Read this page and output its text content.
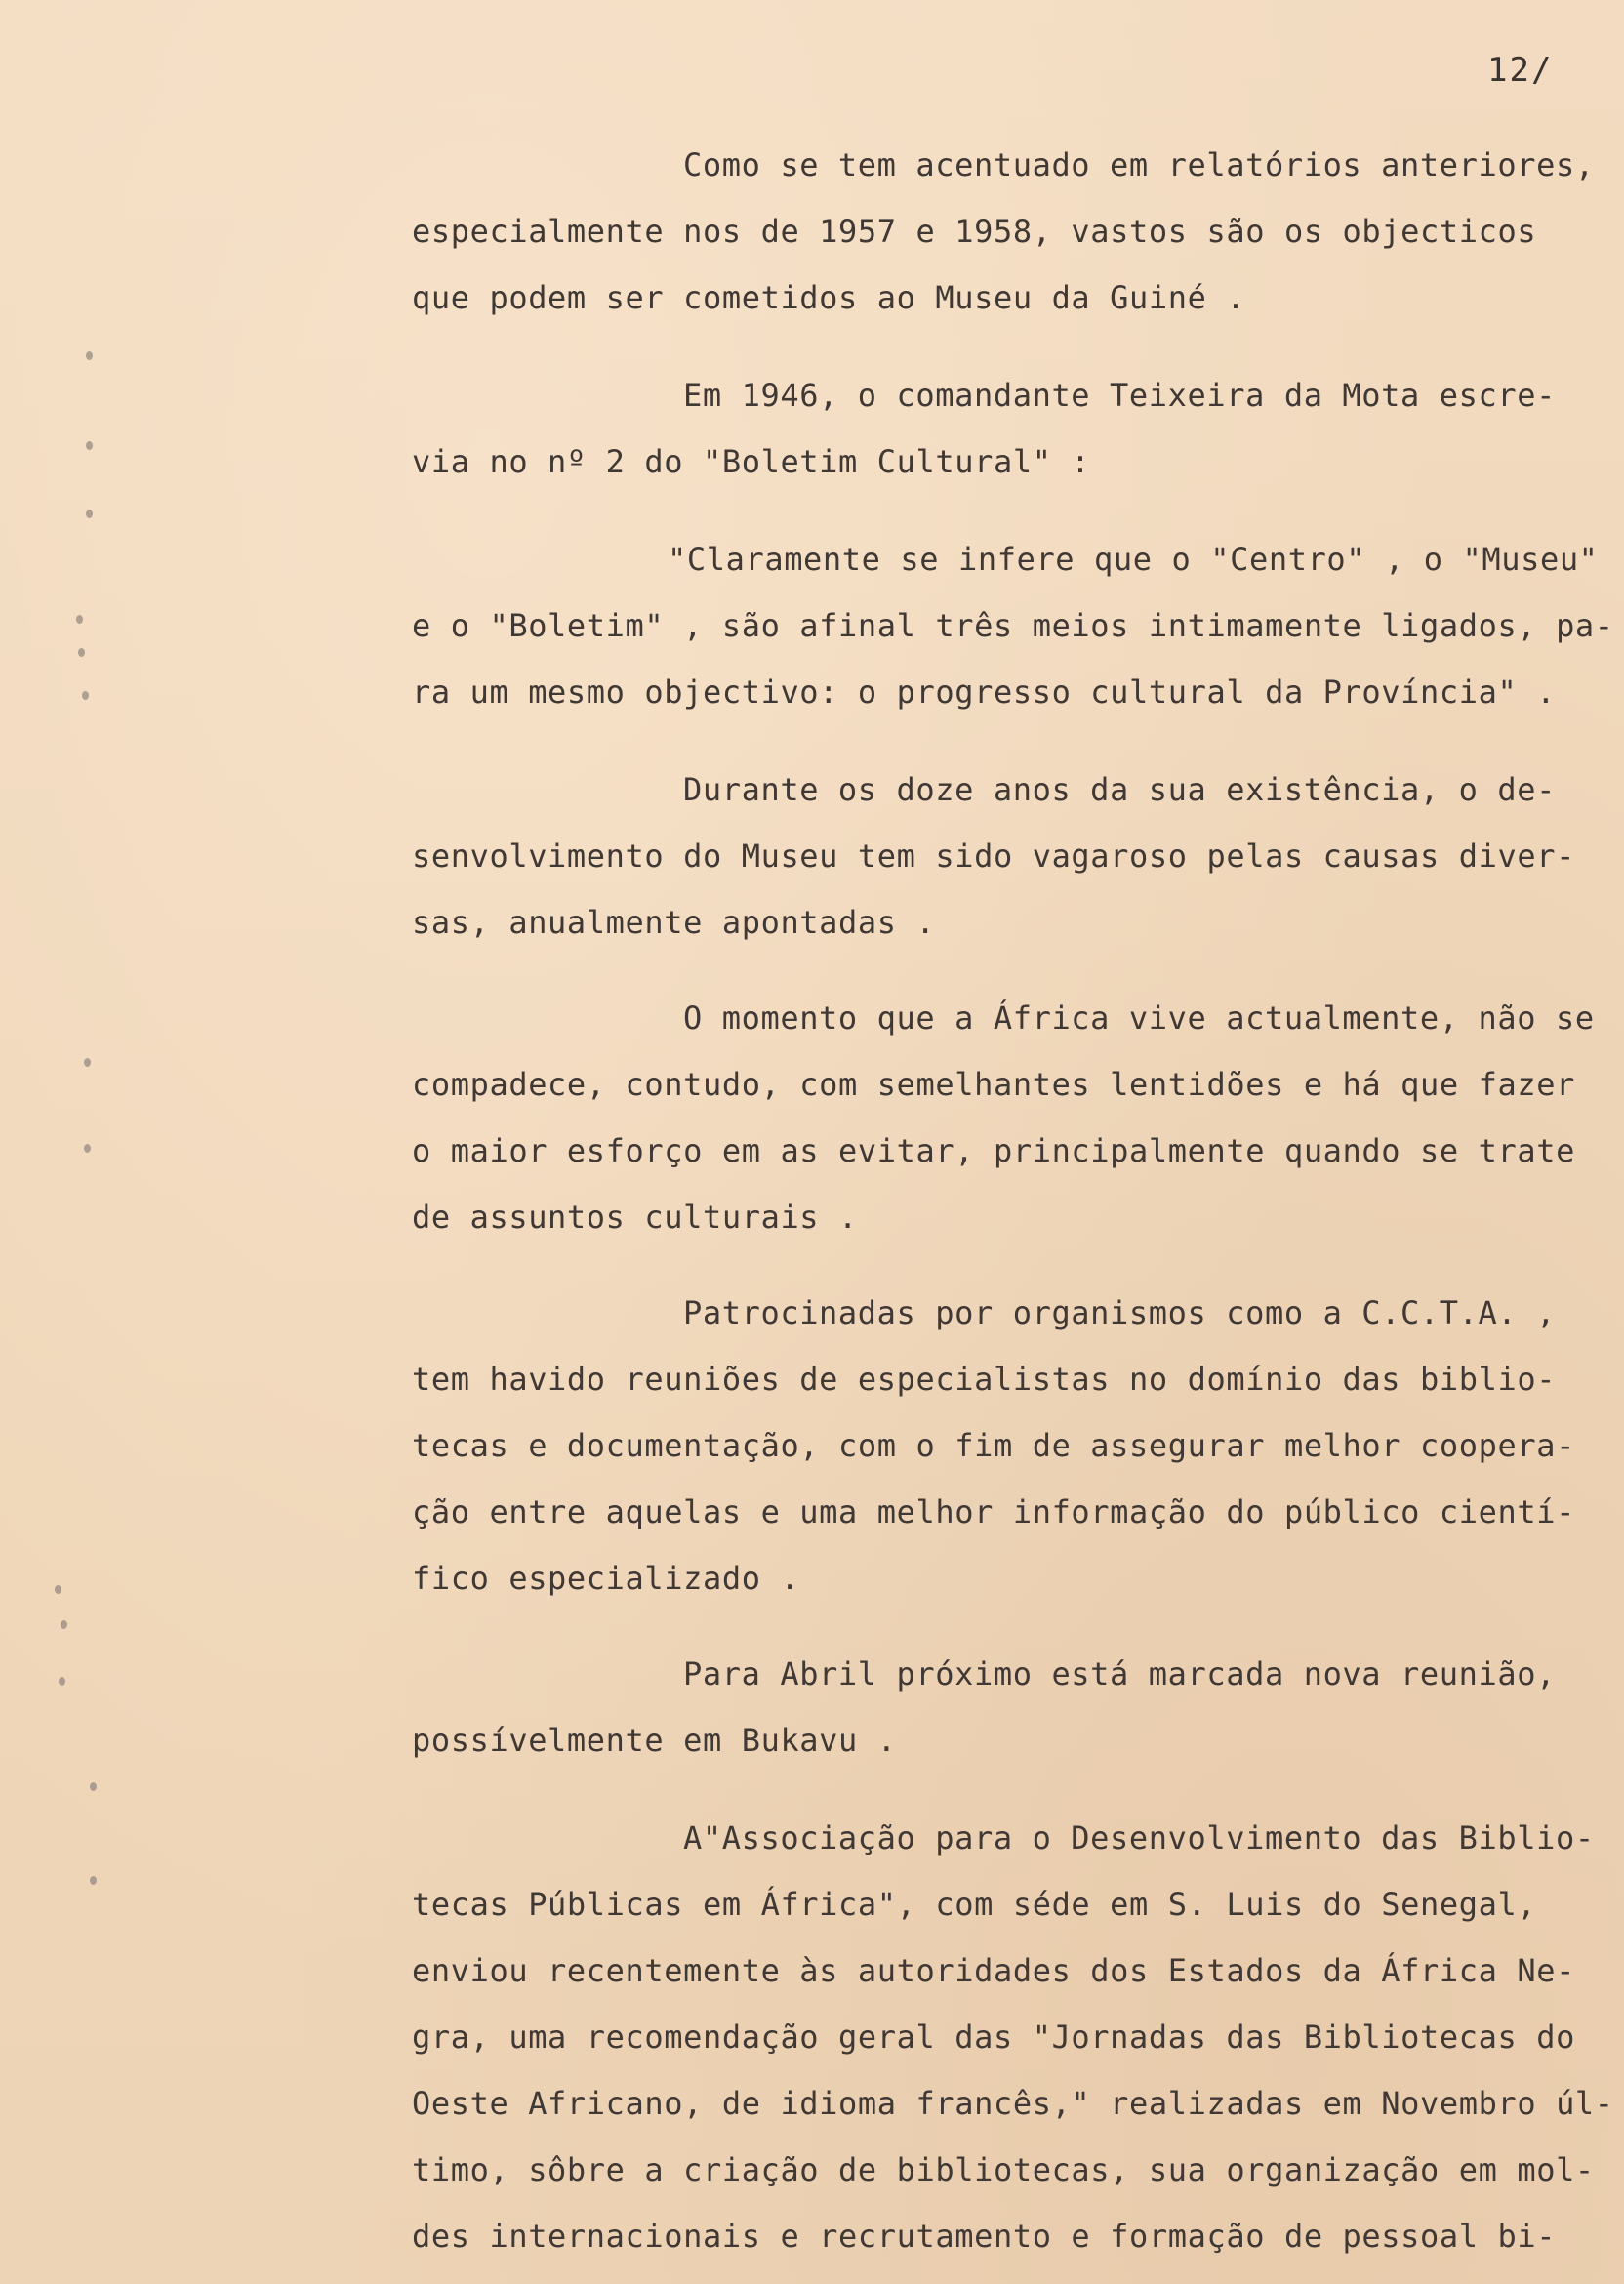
12/
Como se tem acentuado em relatórios anteriores,
especialmente nos de 1957 e 1958, vastos são os objecticos
que podem ser cometidos ao Museu da Guiné .
Em 1946, o comandante Teixeira da Mota escre-
via no nº 2 do "Boletim Cultural" :
"Claramente se infere que o "Centro" , o "Museu"
e o "Boletim" , são afinal três meios intimamente ligados, pa-
ra um mesmo objectivo: o progresso cultural da Província" .
Durante os doze anos da sua existência, o de-
senvolvimento do Museu tem sido vagaroso pelas causas diver-
sas, anualmente apontadas .
O momento que a África vive actualmente, não se
compadece, contudo, com semelhantes lentidões e há que fazer
o maior esforço em as evitar, principalmente quando se trate
de assuntos culturais .
Patrocinadas por organismos como a C.C.T.A. ,
tem havido reuniões de especialistas no domínio das biblio-
tecas e documentação, com o fim de assegurar melhor coopera-
ção entre aquelas e uma melhor informação do público cientí-
fico especializado .
Para Abril próximo está marcada nova reunião,
possívelmente em Bukavu .
A"Associação para o Desenvolvimento das Biblio-
tecas Públicas em África", com séde em S. Luis do Senegal,
enviou recentemente às autoridades dos Estados da África Ne-
gra, uma recomendação geral das "Jornadas das Bibliotecas do
Oeste Africano, de idioma francês," realizadas em Novembro úl-
timo, sôbre a criação de bibliotecas, sua organização em mol-
des internacionais e recrutamento e formação de pessoal bi-
